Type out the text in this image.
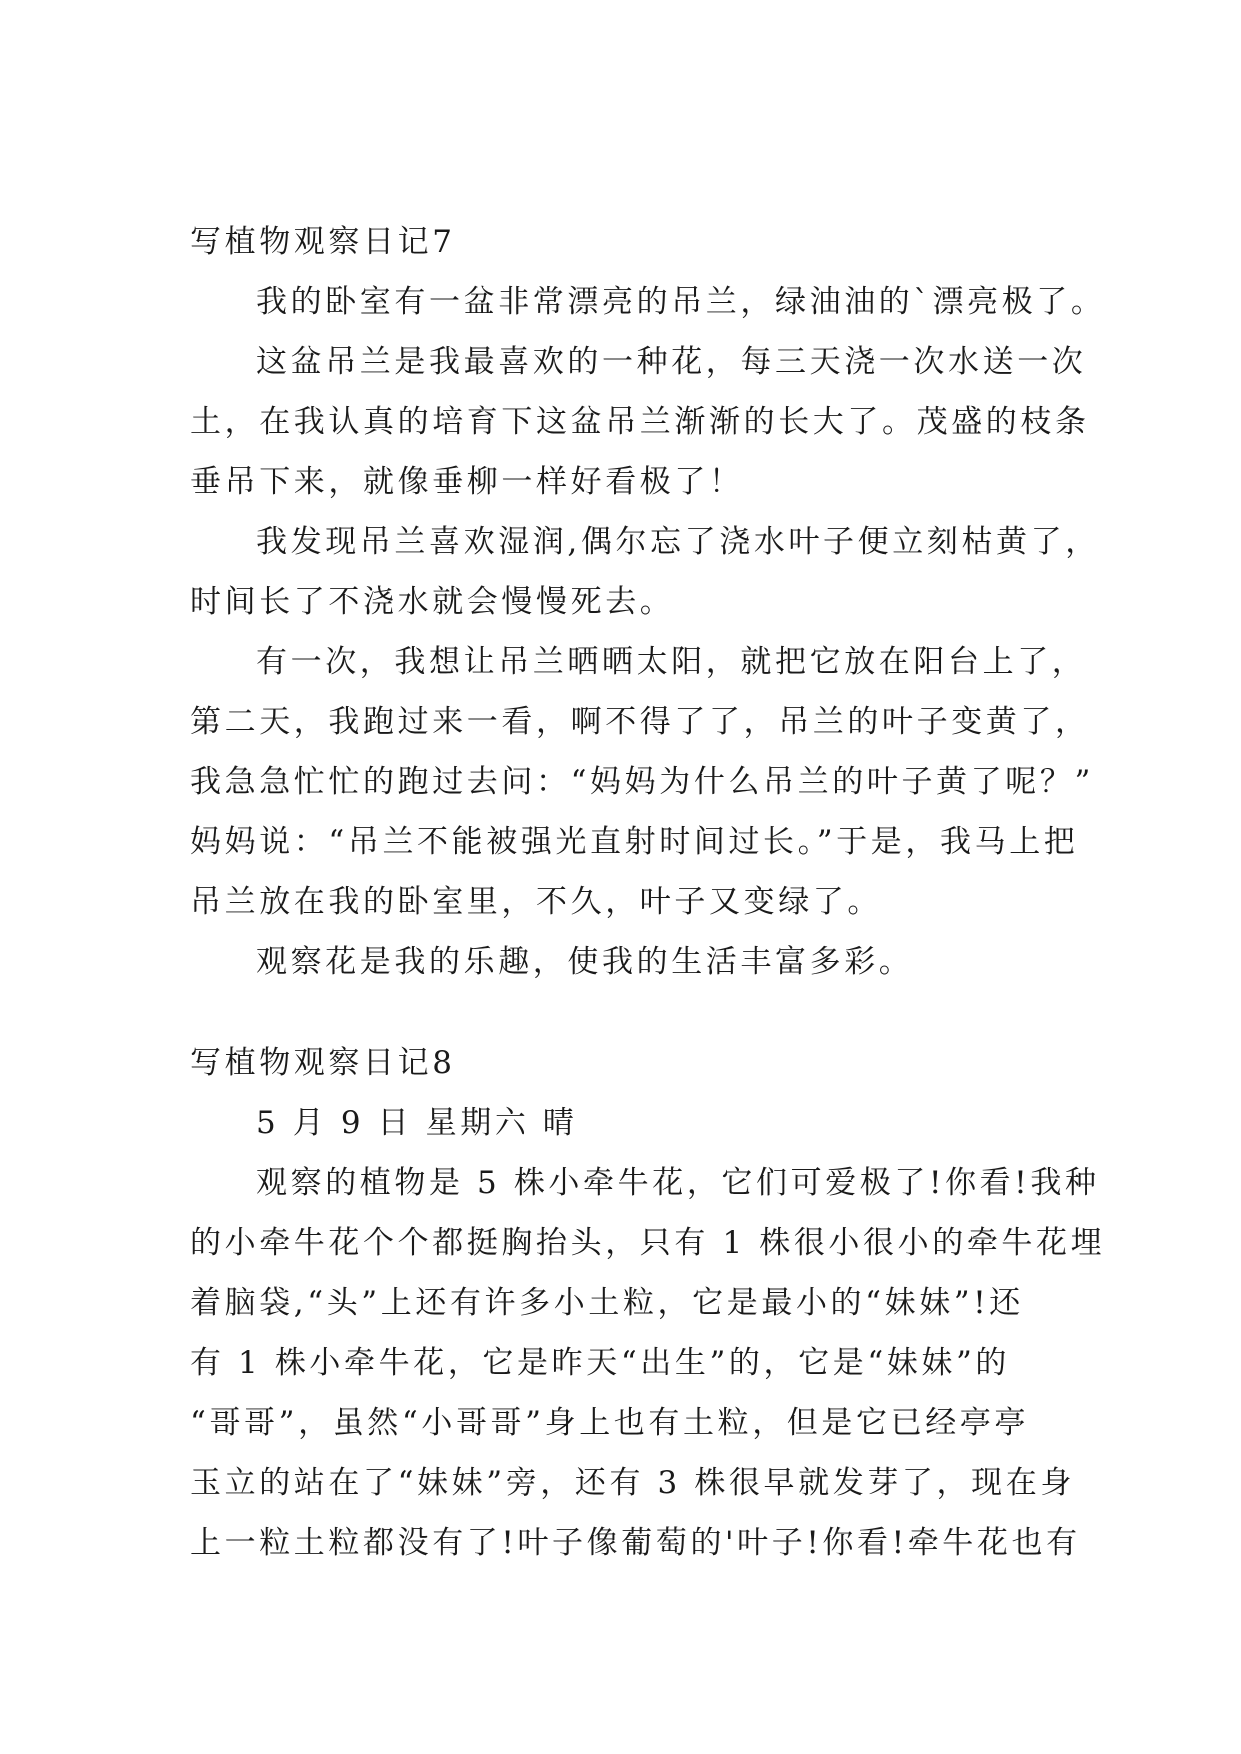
写植物观察日记7
我的卧室有一盆非常漂亮的吊兰，绿油油的`漂亮极了。
这盆吊兰是我最喜欢的一种花，每三天浇一次水送一次
土，在我认真的培育下这盆吊兰渐渐的长大了。茂盛的枝条
垂吊下来，就像垂柳一样好看极了！
我发现吊兰喜欢湿润,偶尔忘了浇水叶子便立刻枯黄了，
时间长了不浇水就会慢慢死去。
有一次，我想让吊兰晒晒太阳，就把它放在阳台上了，
第二天，我跑过来一看，啊不得了了，吊兰的叶子变黄了，
我急急忙忙的跑过去问：“妈妈为什么吊兰的叶子黄了呢？”
妈妈说：“吊兰不能被强光直射时间过长。”于是，我马上把
吊兰放在我的卧室里，不久，叶子又变绿了。
观察花是我的乐趣，使我的生活丰富多彩。
写植物观察日记8
5 月 9 日 星期六 晴
观察的植物是 5 株小牵牛花，它们可爱极了!你看!我种
的小牵牛花个个都挺胸抬头，只有 1 株很小很小的牵牛花埋
着脑袋,“头”上还有许多小土粒，它是最小的“妹妹”!还
有 1 株小牵牛花，它是昨天“出生”的，它是“妹妹”的
“哥哥”，虽然“小哥哥”身上也有土粒，但是它已经亭亭
玉立的站在了“妹妹”旁，还有 3 株很早就发芽了，现在身
上一粒土粒都没有了!叶子像葡萄的'叶子!你看!牵牛花也有
